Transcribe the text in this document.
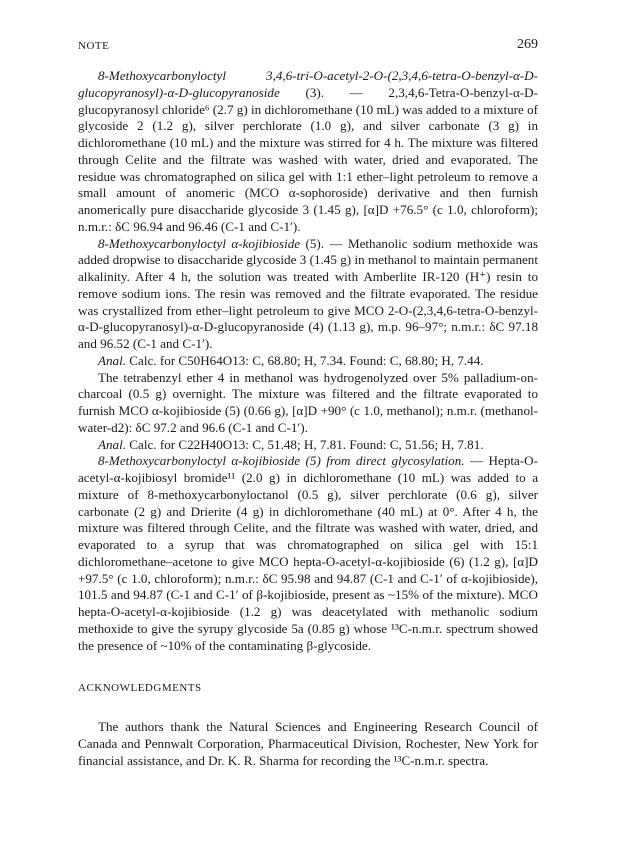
NOTE	269

8-Methoxycarbonyloctyl 3,4,6-tri-O-acetyl-2-O-(2,3,4,6-tetra-O-benzyl-α-D-glucopyranosyl)-α-D-glucopyranoside (3). — 2,3,4,6-Tetra-O-benzyl-α-D-glucopyranosyl chloride⁶ (2.7 g) in dichloromethane (10 mL) was added to a mixture of glycoside 2 (1.2 g), silver perchlorate (1.0 g), and silver carbonate (3 g) in dichloromethane (10 mL) and the mixture was stirred for 4 h. The mixture was filtered through Celite and the filtrate was washed with water, dried and evaporated. The residue was chromatographed on silica gel with 1:1 ether–light petroleum to remove a small amount of anomeric (MCO α-sophoroside) derivative and then furnish anomerically pure disaccharide glycoside 3 (1.45 g), [α]D +76.5° (c 1.0, chloroform); n.m.r.: δC 96.94 and 96.46 (C-1 and C-1′).

8-Methoxycarbonyloctyl α-kojibioside (5). — Methanolic sodium methoxide was added dropwise to disaccharide glycoside 3 (1.45 g) in methanol to maintain permanent alkalinity. After 4 h, the solution was treated with Amberlite IR-120 (H⁺) resin to remove sodium ions. The resin was removed and the filtrate evaporated. The residue was crystallized from ether–light petroleum to give MCO 2-O-(2,3,4,6-tetra-O-benzyl-α-D-glucopyranosyl)-α-D-glucopyranoside (4) (1.13 g), m.p. 96–97°; n.m.r.: δC 97.18 and 96.52 (C-1 and C-1′).

Anal. Calc. for C50H64O13: C, 68.80; H, 7.34. Found: C, 68.80; H, 7.44.

The tetrabenzyl ether 4 in methanol was hydrogenolyzed over 5% palladium-on-charcoal (0.5 g) overnight. The mixture was filtered and the filtrate evaporated to furnish MCO α-kojibioside (5) (0.66 g), [α]D +90° (c 1.0, methanol); n.m.r. (methanol-water-d2): δC 97.2 and 96.6 (C-1 and C-1′).

Anal. Calc. for C22H40O13: C, 51.48; H, 7.81. Found: C, 51.56; H, 7.81.

8-Methoxycarbonyloctyl α-kojibioside (5) from direct glycosylation. — Hepta-O-acetyl-α-kojibiosyl bromide¹¹ (2.0 g) in dichloromethane (10 mL) was added to a mixture of 8-methoxycarbonyloctanol (0.5 g), silver perchlorate (0.6 g), silver carbonate (2 g) and Drierite (4 g) in dichloromethane (40 mL) at 0°. After 4 h, the mixture was filtered through Celite, and the filtrate was washed with water, dried, and evaporated to a syrup that was chromatographed on silica gel with 15:1 dichloromethane–acetone to give MCO hepta-O-acetyl-α-kojibioside (6) (1.2 g), [α]D +97.5° (c 1.0, chloroform); n.m.r.: δC 95.98 and 94.87 (C-1 and C-1′ of α-kojibioside), 101.5 and 94.87 (C-1 and C-1′ of β-kojibioside, present as ~15% of the mixture). MCO hepta-O-acetyl-α-kojibioside (1.2 g) was deacetylated with methanolic sodium methoxide to give the syrupy glycoside 5a (0.85 g) whose ¹³C-n.m.r. spectrum showed the presence of ~10% of the contaminating β-glycoside.

ACKNOWLEDGMENTS

The authors thank the Natural Sciences and Engineering Research Council of Canada and Pennwalt Corporation, Pharmaceutical Division, Rochester, New York for financial assistance, and Dr. K. R. Sharma for recording the ¹³C-n.m.r. spectra.
